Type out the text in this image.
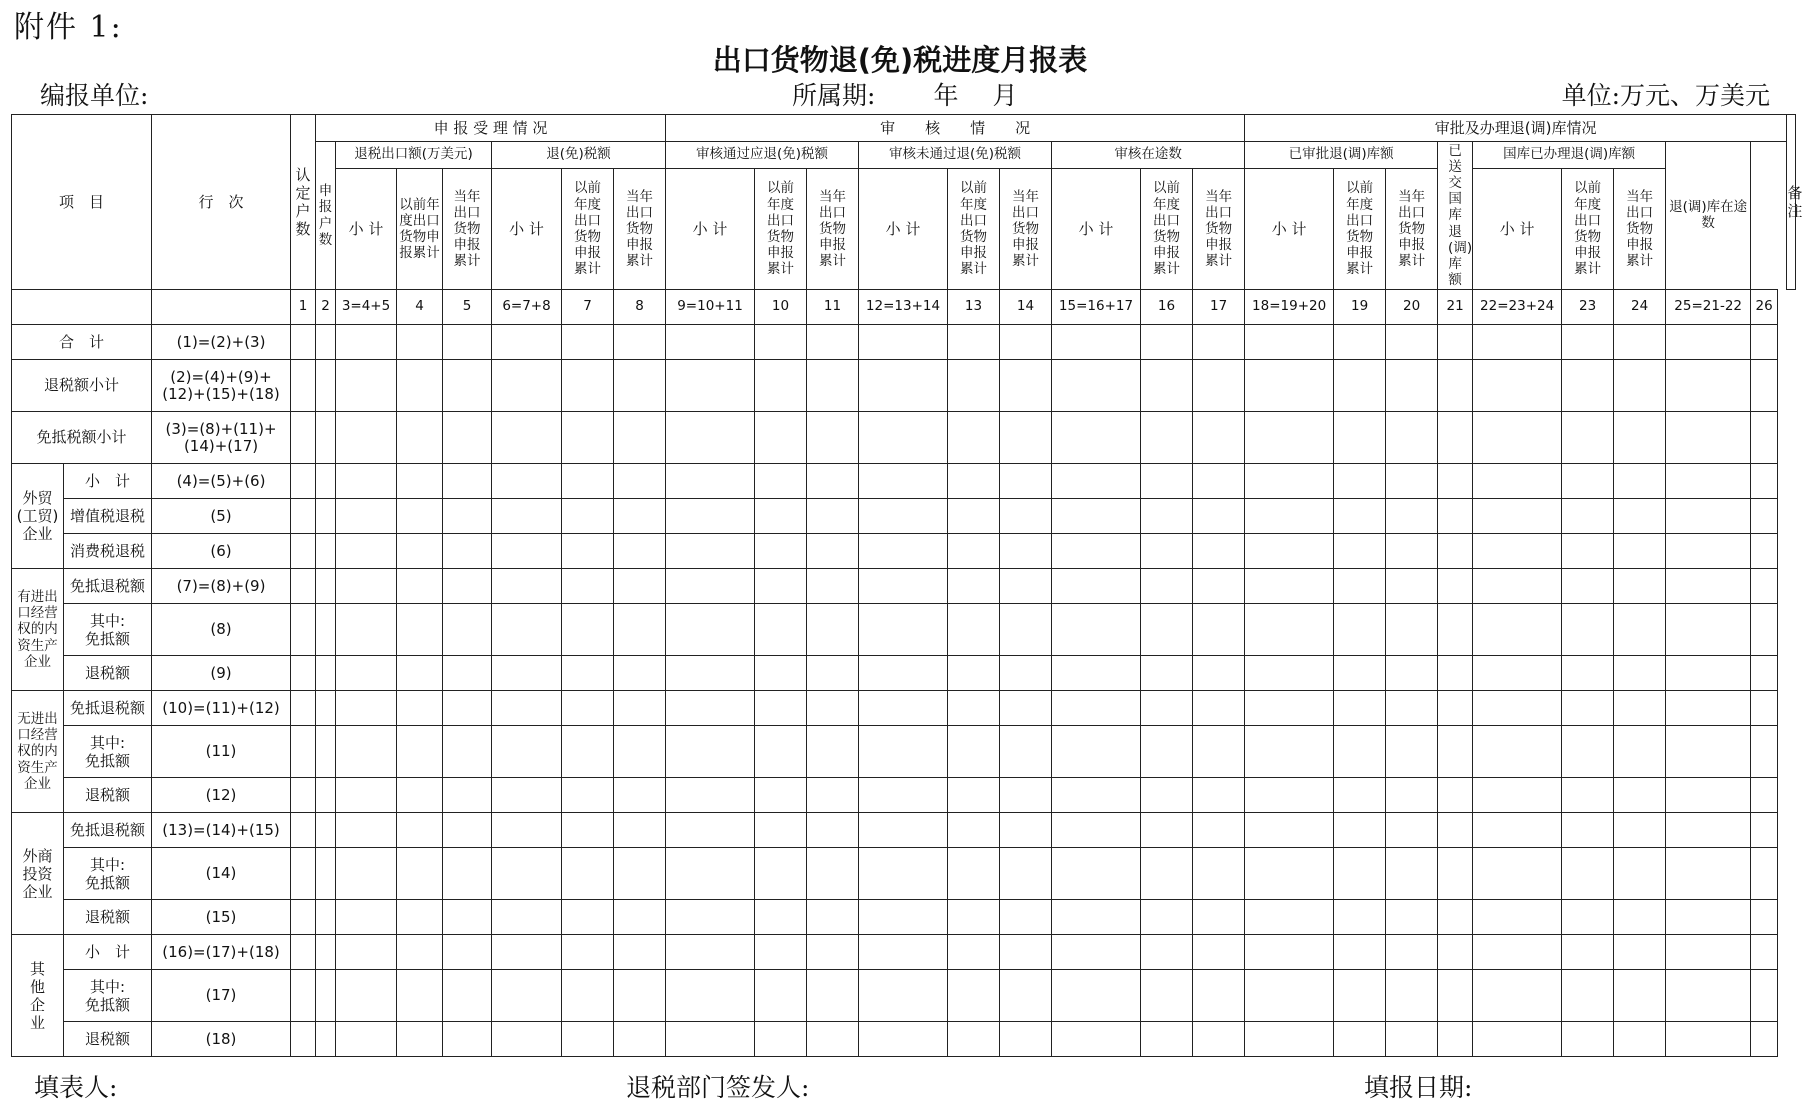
附件 1:
出口货物退(免)税进度月报表
编报单位:	所属期: 年 月	单位:万元、万美元
项　目		行　次	认定户数	申 报 受 理 情 况							审　　核　　情　　况									审批及办理退(调)库情况									备注
				申报户数	退税出口额(万美元)			退(免)税额			审核通过应退(免)税额			审核未通过退(免)税额			审核在途数			已审批退(调)库额			已送交国库退(调)库额	国库已办理退(调)库额			退(调)库在途数		
					小 计	以前年度出口货物申报累计	当年出口货物申报累计	小 计	以前年度出口货物申报累计	当年出口货物申报累计	小 计	以前年度出口货物申报累计	当年出口货物申报累计	小 计	以前年度出口货物申报累计	当年出口货物申报累计	小 计	以前年度出口货物申报累计	当年出口货物申报累计	小 计	以前年度出口货物申报累计	当年出口货物申报累计		小 计	以前年度出口货物申报累计	当年出口货物申报累计			
			1	2	3=4+5	4	5	6=7+8	7	8	9=10+11	10	11	12=13+14	13	14	15=16+17	16	17	18=19+20	19	20	21	22=23+24	23	24	25=21-22	26	
合　计		(1)=(2)+(3)																											
退税额小计		(2)=(4)+(9)+(12)+(15)+(18)																											
免抵税额小计		(3)=(8)+(11)+(14)+(17)																											
外贸(工贸)企业	小　计	(4)=(5)+(6)																											
	增值税退税	(5)																											
	消费税退税	(6)																											
有进出口经营权的内资生产企业	免抵退税额	(7)=(8)+(9)																											
	其中:免抵额	(8)																											
	退税额	(9)																											
无进出口经营权的内资生产企业	免抵退税额	(10)=(11)+(12)																											
	其中:免抵额	(11)																											
	退税额	(12)																											
外商投资企业	免抵退税额	(13)=(14)+(15)																											
	其中:免抵额	(14)																											
	退税额	(15)																											
其他企业	小　计	(16)=(17)+(18)																											
	其中:免抵额	(17)																											
	退税额	(18)																											
填表人:	退税部门签发人:	填报日期:
